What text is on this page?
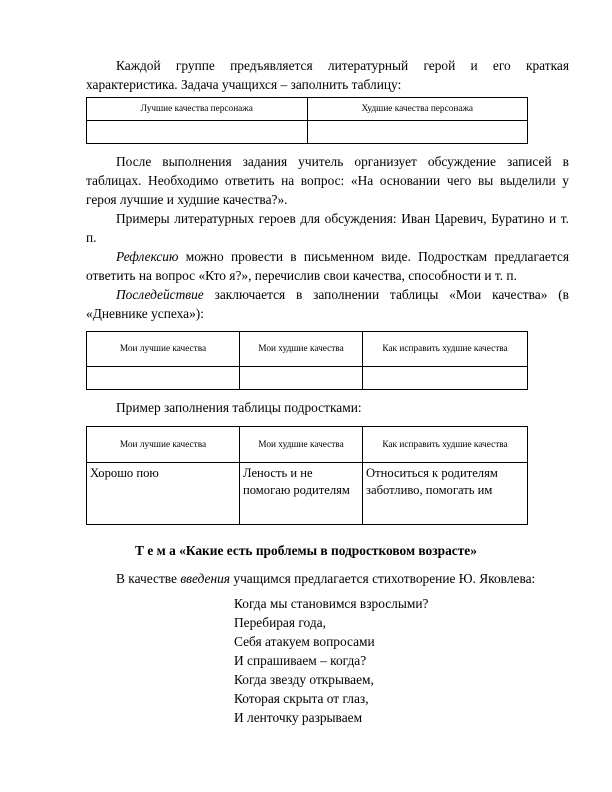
Каждой группе предъявляется литературный герой и его краткая

характеристика. Задача учащихся – заполнить таблицу:

Лучшие качества персонажа	Худшие качества персонажа

После выполнения задания учитель организует обсуждение записей в

таблицах. Необходимо ответить на вопрос: «На основании чего вы выделили у

героя лучшие и худшие качества?».

Примеры литературных героев для обсуждения: Иван Царевич, Буратино и т.

п.

Рефлексию можно провести в письменном виде. Подросткам предлагается

ответить на вопрос «Кто я?», перечислив свои качества, способности и т. п.

Последействие заключается в заполнении таблицы «Мои качества» (в

«Дневнике успеха»):

Мои лучшие качества	Мои худшие качества	Как исправить худшие качества

Пример заполнения таблицы подростками:

Мои лучшие качества	Мои худшие качества	Как исправить худшие качества
Хорошо пою	Леность и не помогаю родителям	Относиться к родителям заботливо, помогать им
Т е м а «Какие есть проблемы в подростковом возрасте»

В качестве введения учащимся предлагается стихотворение Ю. Яковлева:

Когда мы становимся взрослыми?
Перебирая года,
Себя атакуем вопросами
И спрашиваем – когда?
Когда звезду открываем,
Которая скрыта от глаз,
И ленточку разрываем
